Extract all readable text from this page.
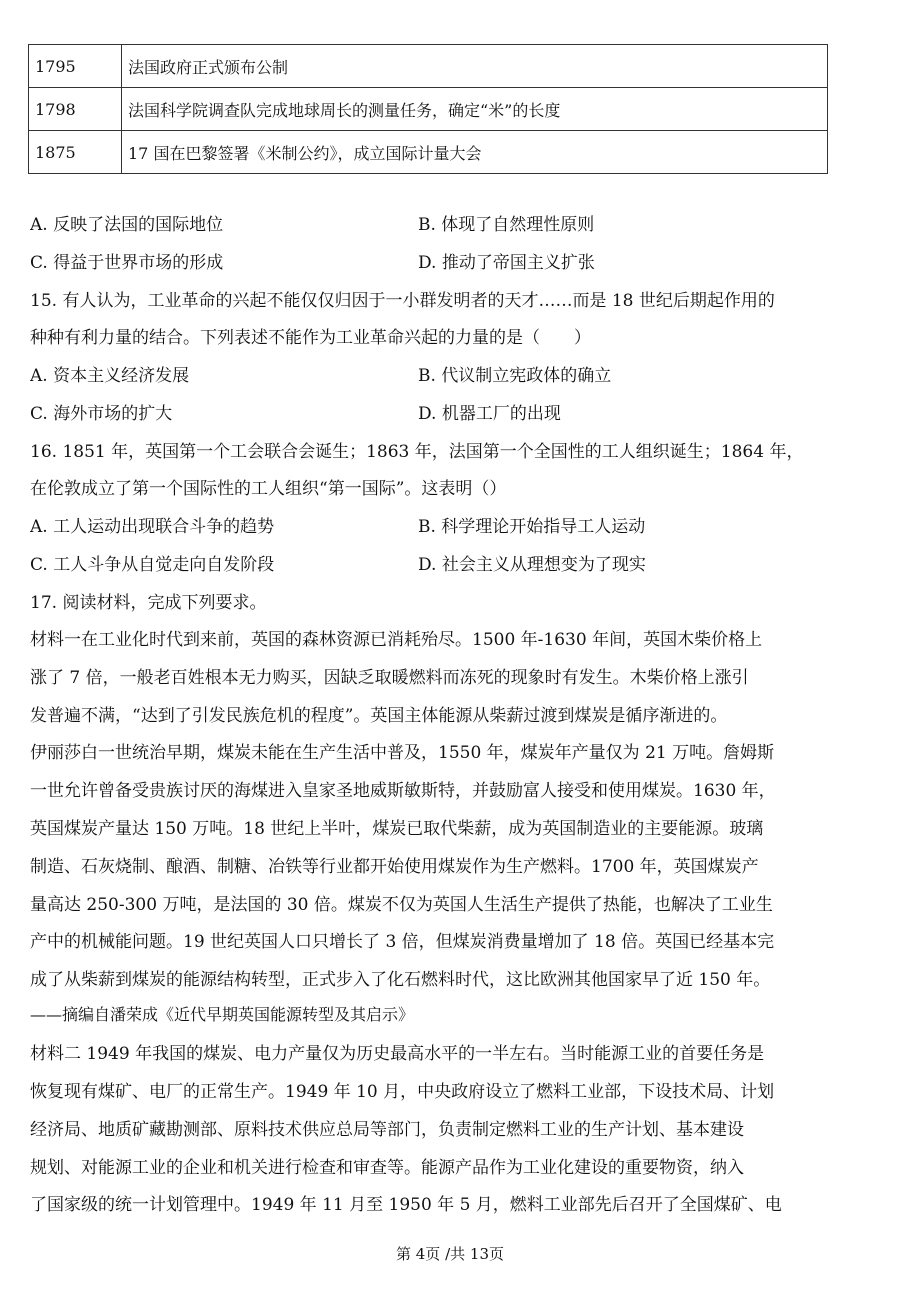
1795	法国政府正式颁布公制
1798	法国科学院调查队完成地球周长的测量任务，确定“米”的长度
1875	17 国在巴黎签署《米制公约》，成立国际计量大会
A. 反映了法国的国际地位	B. 体现了自然理性原则
C. 得益于世界市场的形成	D. 推动了帝国主义扩张
15. 有人认为，工业革命的兴起不能仅仅归因于一小群发明者的天才……而是 18 世纪后期起作用的
种种有利力量的结合。下列表述不能作为工业革命兴起的力量的是（　　）
A. 资本主义经济发展	B. 代议制立宪政体的确立
C. 海外市场的扩大	D. 机器工厂的出现
16. 1851 年，英国第一个工会联合会诞生；1863 年，法国第一个全国性的工人组织诞生；1864 年，
在伦敦成立了第一个国际性的工人组织“第一国际”。这表明（）
A. 工人运动出现联合斗争的趋势	B. 科学理论开始指导工人运动
C. 工人斗争从自觉走向自发阶段	D. 社会主义从理想变为了现实
17. 阅读材料，完成下列要求。
材料一在工业化时代到来前，英国的森林资源已消耗殆尽。1500 年-1630 年间，英国木柴价格上
涨了 7 倍，一般老百姓根本无力购买，因缺乏取暖燃料而冻死的现象时有发生。木柴价格上涨引
发普遍不满，“达到了引发民族危机的程度”。英国主体能源从柴薪过渡到煤炭是循序渐进的。
伊丽莎白一世统治早期，煤炭未能在生产生活中普及，1550 年，煤炭年产量仅为 21 万吨。詹姆斯
一世允许曾备受贵族讨厌的海煤进入皇家圣地威斯敏斯特，并鼓励富人接受和使用煤炭。1630 年，
英国煤炭产量达 150 万吨。18 世纪上半叶，煤炭已取代柴薪，成为英国制造业的主要能源。玻璃
制造、石灰烧制、酿酒、制糖、冶铁等行业都开始使用煤炭作为生产燃料。1700 年，英国煤炭产
量高达 250-300 万吨，是法国的 30 倍。煤炭不仅为英国人生活生产提供了热能，也解决了工业生
产中的机械能问题。19 世纪英国人口只增长了 3 倍，但煤炭消费量增加了 18 倍。英国已经基本完
成了从柴薪到煤炭的能源结构转型，正式步入了化石燃料时代，这比欧洲其他国家早了近 150 年。
——摘编自潘荣成《近代早期英国能源转型及其启示》
材料二 1949 年我国的煤炭、电力产量仅为历史最高水平的一半左右。当时能源工业的首要任务是
恢复现有煤矿、电厂的正常生产。1949 年 10 月，中央政府设立了燃料工业部，下设技术局、计划
经济局、地质矿藏勘测部、原料技术供应总局等部门，负责制定燃料工业的生产计划、基本建设
规划、对能源工业的企业和机关进行检查和审查等。能源产品作为工业化建设的重要物资，纳入
了国家级的统一计划管理中。1949 年 11 月至 1950 年 5 月，燃料工业部先后召开了全国煤矿、电
第 4页 /共 13页
